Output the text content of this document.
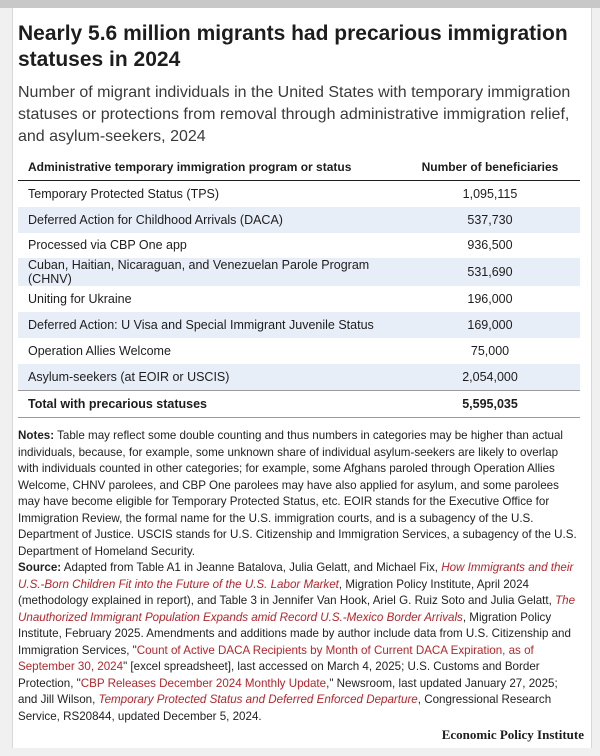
Nearly 5.6 million migrants had precarious immigration statuses in 2024
Number of migrant individuals in the United States with temporary immigration statuses or protections from removal through administrative immigration relief, and asylum-seekers, 2024
Administrative temporary immigration program or status	Number of beneficiaries
Temporary Protected Status (TPS)	1,095,115
Deferred Action for Childhood Arrivals (DACA)	537,730
Processed via CBP One app	936,500
Cuban, Haitian, Nicaraguan, and Venezuelan Parole Program (CHNV)	531,690
Uniting for Ukraine	196,000
Deferred Action: U Visa and Special Immigrant Juvenile Status	169,000
Operation Allies Welcome	75,000
Asylum-seekers (at EOIR or USCIS)	2,054,000
Total with precarious statuses	5,595,035
Notes: Table may reflect some double counting and thus numbers in categories may be higher than actual individuals, because, for example, some unknown share of individual asylum-seekers are likely to overlap with individuals counted in other categories; for example, some Afghans paroled through Operation Allies Welcome, CHNV parolees, and CBP One parolees may have also applied for asylum, and some parolees may have become eligible for Temporary Protected Status, etc. EOIR stands for the Executive Office for Immigration Review, the formal name for the U.S. immigration courts, and is a subagency of the U.S. Department of Justice. USCIS stands for U.S. Citizenship and Immigration Services, a subagency of the U.S. Department of Homeland Security.
Source: Adapted from Table A1 in Jeanne Batalova, Julia Gelatt, and Michael Fix, How Immigrants and their U.S.-Born Children Fit into the Future of the U.S. Labor Market, Migration Policy Institute, April 2024 (methodology explained in report), and Table 3 in Jennifer Van Hook, Ariel G. Ruiz Soto and Julia Gelatt, The Unauthorized Immigrant Population Expands amid Record U.S.-Mexico Border Arrivals, Migration Policy Institute, February 2025. Amendments and additions made by author include data from U.S. Citizenship and Immigration Services, "Count of Active DACA Recipients by Month of Current DACA Expiration, as of September 30, 2024" [excel spreadsheet], last accessed on March 4, 2025; U.S. Customs and Border Protection, "CBP Releases December 2024 Monthly Update," Newsroom, last updated January 27, 2025; and Jill Wilson, Temporary Protected Status and Deferred Enforced Departure, Congressional Research Service, RS20844, updated December 5, 2024.
Economic Policy Institute
